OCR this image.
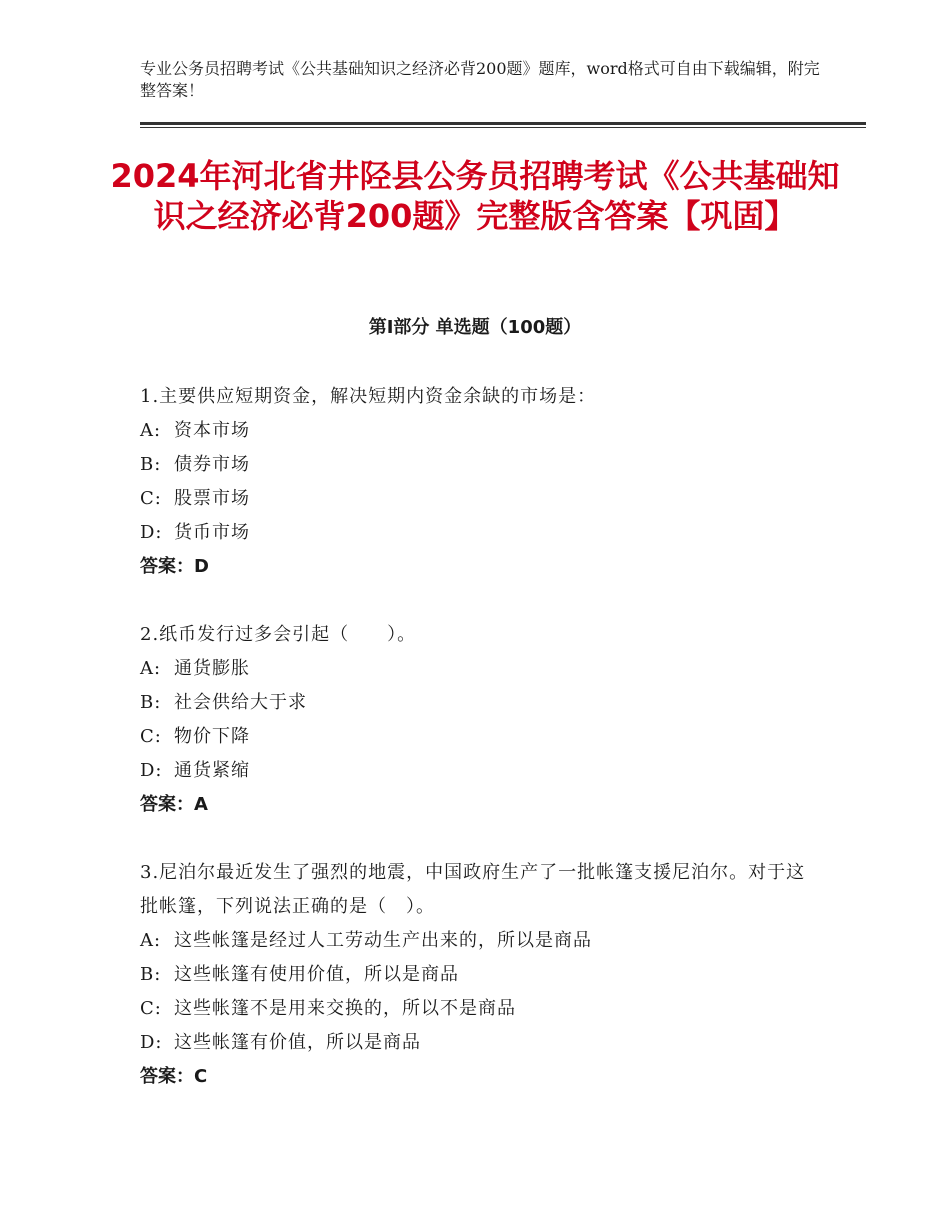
专业公务员招聘考试《公共基础知识之经济必背200题》题库，word格式可自由下载编辑，附完整答案！
2024年河北省井陉县公务员招聘考试《公共基础知识之经济必背200题》完整版含答案【巩固】
第Ⅰ部分 单选题（100题）
1.主要供应短期资金，解决短期内资金余缺的市场是：
A: 资本市场
B: 债券市场
C: 股票市场
D: 货币市场
答案：D
2.纸币发行过多会引起（　　）。
A: 通货膨胀
B: 社会供给大于求
C: 物价下降
D: 通货紧缩
答案：A
3.尼泊尔最近发生了强烈的地震，中国政府生产了一批帐篷支援尼泊尔。对于这批帐篷，下列说法正确的是（　）。
A: 这些帐篷是经过人工劳动生产出来的，所以是商品
B: 这些帐篷有使用价值，所以是商品
C: 这些帐篷不是用来交换的，所以不是商品
D: 这些帐篷有价值，所以是商品
答案：C
